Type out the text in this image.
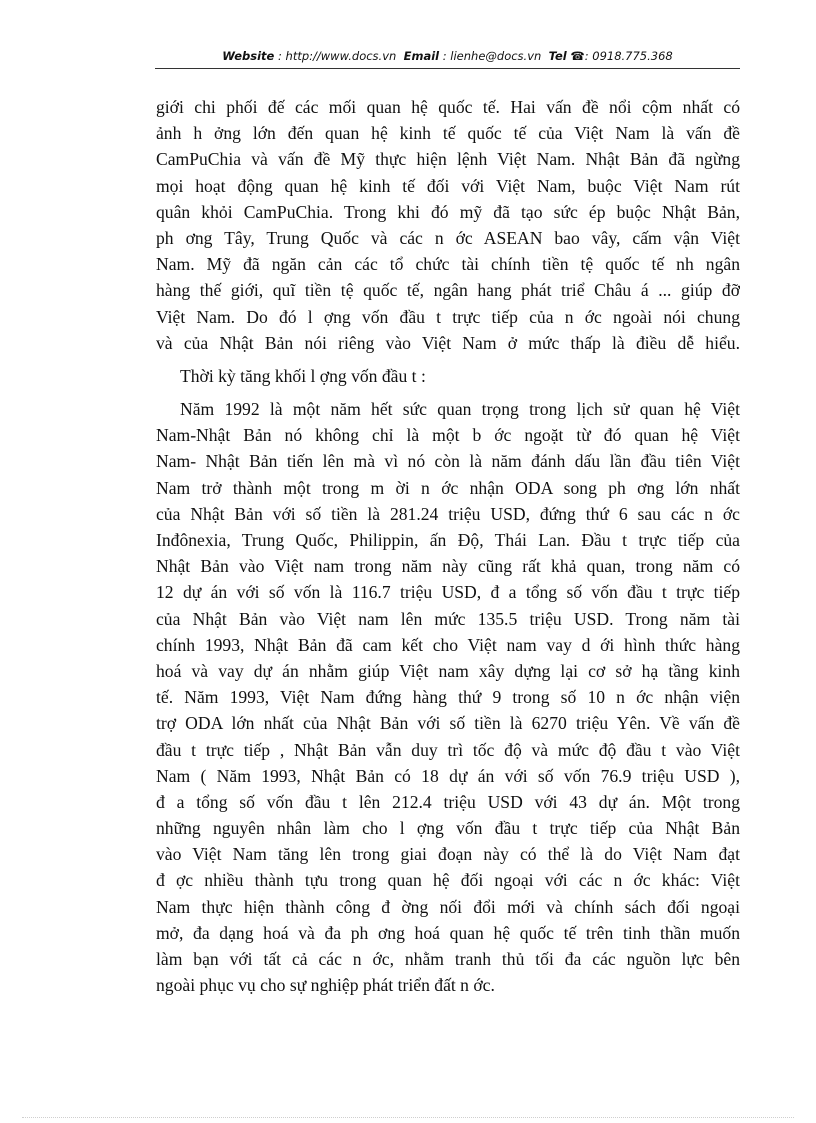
Website : http://www.docs.vn Email : lienhe@docs.vn Tel ☎: 0918.775.368
giới chi phối đế các mối quan hệ quốc tế. Hai vấn đề nổi cộm nhất có
ảnh h ởng lớn đến quan hệ kinh tế quốc tế của Việt Nam là vấn đề
CamPuChia và vấn đề Mỹ thực hiện lệnh Việt Nam. Nhật Bản đã ngừng
mọi hoạt động quan hệ kinh tế đối với Việt Nam, buộc Việt Nam rút
quân khỏi CamPuChia. Trong khi đó mỹ đã tạo sức ép buộc Nhật Bản,
ph ơng Tây, Trung Quốc và các n ớc ASEAN bao vây, cấm vận Việt
Nam. Mỹ đã ngăn cản các tổ chức tài chính tiền tệ quốc tế nh ngân
hàng thế giới, quĩ tiền tệ quốc tế, ngân hang phát triể Châu á ... giúp đỡ
Việt Nam. Do đó l ợng vốn đầu t trực tiếp của n ớc ngoài nói chung
và của Nhật Bản nói riêng vào Việt Nam ở mức thấp là điều dễ hiểu.
Thời kỳ tăng khối l ợng vốn đầu t :
Năm 1992 là một năm hết sức quan trọng trong lịch sử quan hệ Việt
Nam-Nhật Bản nó không chỉ là một b ớc ngoặt từ đó quan hệ Việt
Nam- Nhật Bản tiến lên mà vì nó còn là năm đánh dấu lần đầu tiên Việt
Nam trở thành một trong m ời n ớc nhận ODA song ph ơng lớn nhất
của Nhật Bản với số tiền là 281.24 triệu USD, đứng thứ 6 sau các n ớc
Inđônexia, Trung Quốc, Philippin, ấn Độ, Thái Lan. Đầu t trực tiếp của
Nhật Bản vào Việt nam trong năm này cũng rất khả quan, trong năm có
12 dự án với số vốn là 116.7 triệu USD, đ a tổng số vốn đầu t trực tiếp
của Nhật Bản vào Việt nam lên mức 135.5 triệu USD. Trong năm tài
chính 1993, Nhật Bản đã cam kết cho Việt nam vay d ới hình thức hàng
hoá và vay dự án nhằm giúp Việt nam xây dựng lại cơ sở hạ tầng kinh
tế. Năm 1993, Việt Nam đứng hàng thứ 9 trong số 10 n ớc nhận viện
trợ ODA lớn nhất của Nhật Bản với số tiền là 6270 triệu Yên. Về vấn đề
đầu t trực tiếp , Nhật Bản vẫn duy trì tốc độ và mức độ đầu t vào Việt
Nam ( Năm 1993, Nhật Bản có 18 dự án với số vốn 76.9 triệu USD ),
đ a tổng số vốn đầu t lên 212.4 triệu USD với 43 dự án. Một trong
những nguyên nhân làm cho l ợng vốn đầu t trực tiếp của Nhật Bản
vào Việt Nam tăng lên trong giai đoạn này có thể là do Việt Nam đạt
đ ợc nhiều thành tựu trong quan hệ đối ngoại với các n ớc khác: Việt
Nam thực hiện thành công đ ờng nối đổi mới và chính sách đối ngoại
mở, đa dạng hoá và đa ph ơng hoá quan hệ quốc tế trên tinh thần muốn
làm bạn với tất cả các n ớc, nhằm tranh thủ tối đa các nguồn lực bên
ngoài phục vụ cho sự nghiệp phát triển đất n ớc.
